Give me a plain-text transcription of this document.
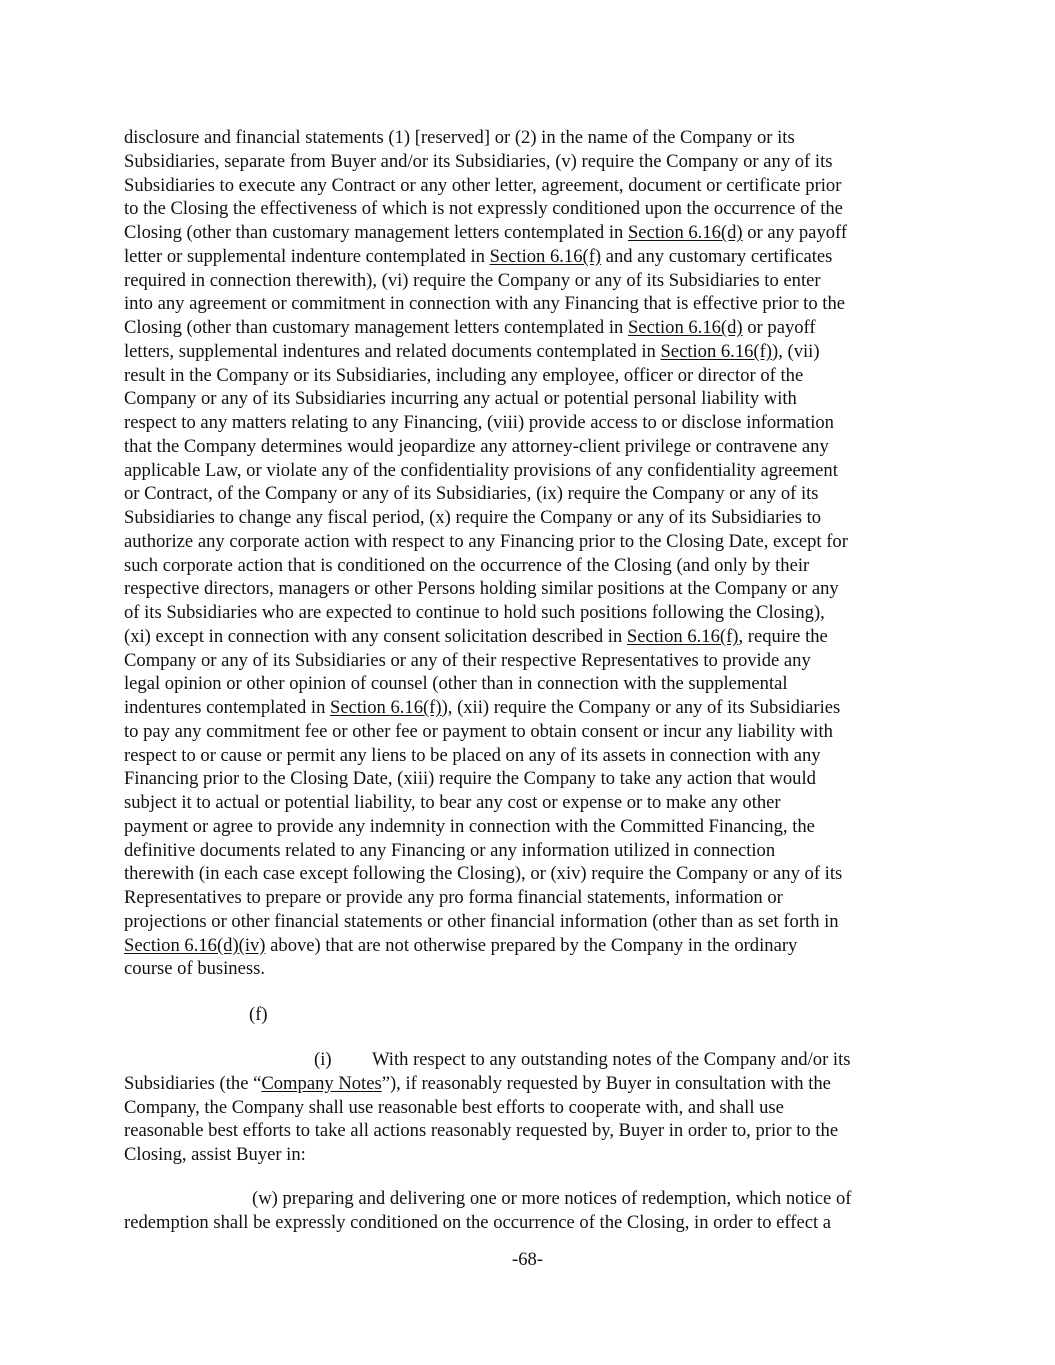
disclosure and financial statements (1) [reserved] or (2) in the name of the Company or its
Subsidiaries, separate from Buyer and/or its Subsidiaries, (v) require the Company or any of its
Subsidiaries to execute any Contract or any other letter, agreement, document or certificate prior
to the Closing the effectiveness of which is not expressly conditioned upon the occurrence of the
Closing (other than customary management letters contemplated in Section 6.16(d) or any payoff
letter or supplemental indenture contemplated in Section 6.16(f) and any customary certificates
required in connection therewith), (vi) require the Company or any of its Subsidiaries to enter
into any agreement or commitment in connection with any Financing that is effective prior to the
Closing (other than customary management letters contemplated in Section 6.16(d) or payoff
letters, supplemental indentures and related documents contemplated in Section 6.16(f)), (vii)
result in the Company or its Subsidiaries, including any employee, officer or director of the
Company or any of its Subsidiaries incurring any actual or potential personal liability with
respect to any matters relating to any Financing, (viii) provide access to or disclose information
that the Company determines would jeopardize any attorney-client privilege or contravene any
applicable Law, or violate any of the confidentiality provisions of any confidentiality agreement
or Contract, of the Company or any of its Subsidiaries, (ix) require the Company or any of its
Subsidiaries to change any fiscal period, (x) require the Company or any of its Subsidiaries to
authorize any corporate action with respect to any Financing prior to the Closing Date, except for
such corporate action that is conditioned on the occurrence of the Closing (and only by their
respective directors, managers or other Persons holding similar positions at the Company or any
of its Subsidiaries who are expected to continue to hold such positions following the Closing),
(xi) except in connection with any consent solicitation described in Section 6.16(f), require the
Company or any of its Subsidiaries or any of their respective Representatives to provide any
legal opinion or other opinion of counsel (other than in connection with the supplemental
indentures contemplated in Section 6.16(f)), (xii) require the Company or any of its Subsidiaries
to pay any commitment fee or other fee or payment to obtain consent or incur any liability with
respect to or cause or permit any liens to be placed on any of its assets in connection with any
Financing prior to the Closing Date, (xiii) require the Company to take any action that would
subject it to actual or potential liability, to bear any cost or expense or to make any other
payment or agree to provide any indemnity in connection with the Committed Financing, the
definitive documents related to any Financing or any information utilized in connection
therewith (in each case except following the Closing), or (xiv) require the Company or any of its
Representatives to prepare or provide any pro forma financial statements, information or
projections or other financial statements or other financial information (other than as set forth in
Section 6.16(d)(iv) above) that are not otherwise prepared by the Company in the ordinary
course of business.
(f)
(i) With respect to any outstanding notes of the Company and/or its
Subsidiaries (the “Company Notes”), if reasonably requested by Buyer in consultation with the
Company, the Company shall use reasonable best efforts to cooperate with, and shall use
reasonable best efforts to take all actions reasonably requested by, Buyer in order to, prior to the
Closing, assist Buyer in:
(w) preparing and delivering one or more notices of redemption, which notice of
redemption shall be expressly conditioned on the occurrence of the Closing, in order to effect a
-68-
